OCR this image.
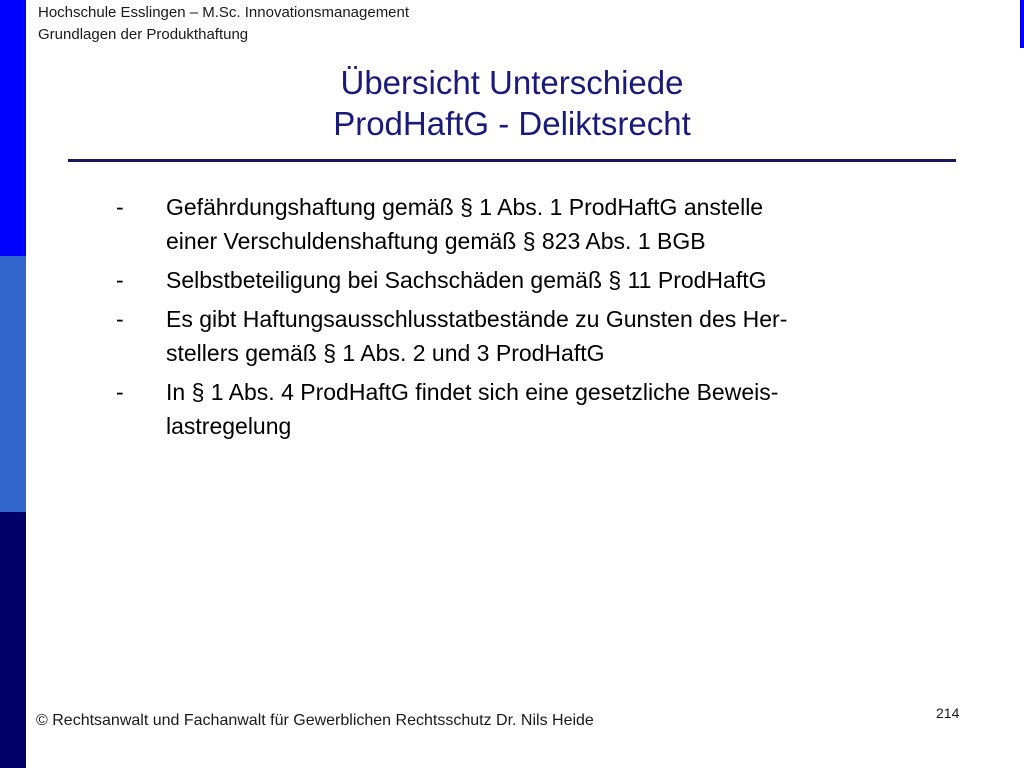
Hochschule Esslingen – M.Sc. Innovationsmanagement
Grundlagen der Produkthaftung
Übersicht Unterschiede
ProdHaftG - Deliktsrecht
-	Gefährdungshaftung gemäß § 1 Abs. 1 ProdHaftG anstelle
einer Verschuldenshaftung gemäß § 823 Abs. 1 BGB
-	Selbstbeteiligung bei Sachschäden gemäß § 11 ProdHaftG
-	Es gibt Haftungsausschlusstatbestände zu Gunsten des Her-
stellers gemäß § 1 Abs. 2 und 3 ProdHaftG
-	In § 1 Abs. 4 ProdHaftG findet sich eine gesetzliche Beweis-
lastregelung
© Rechtsanwalt und Fachanwalt für Gewerblichen Rechtsschutz Dr. Nils Heide	214
